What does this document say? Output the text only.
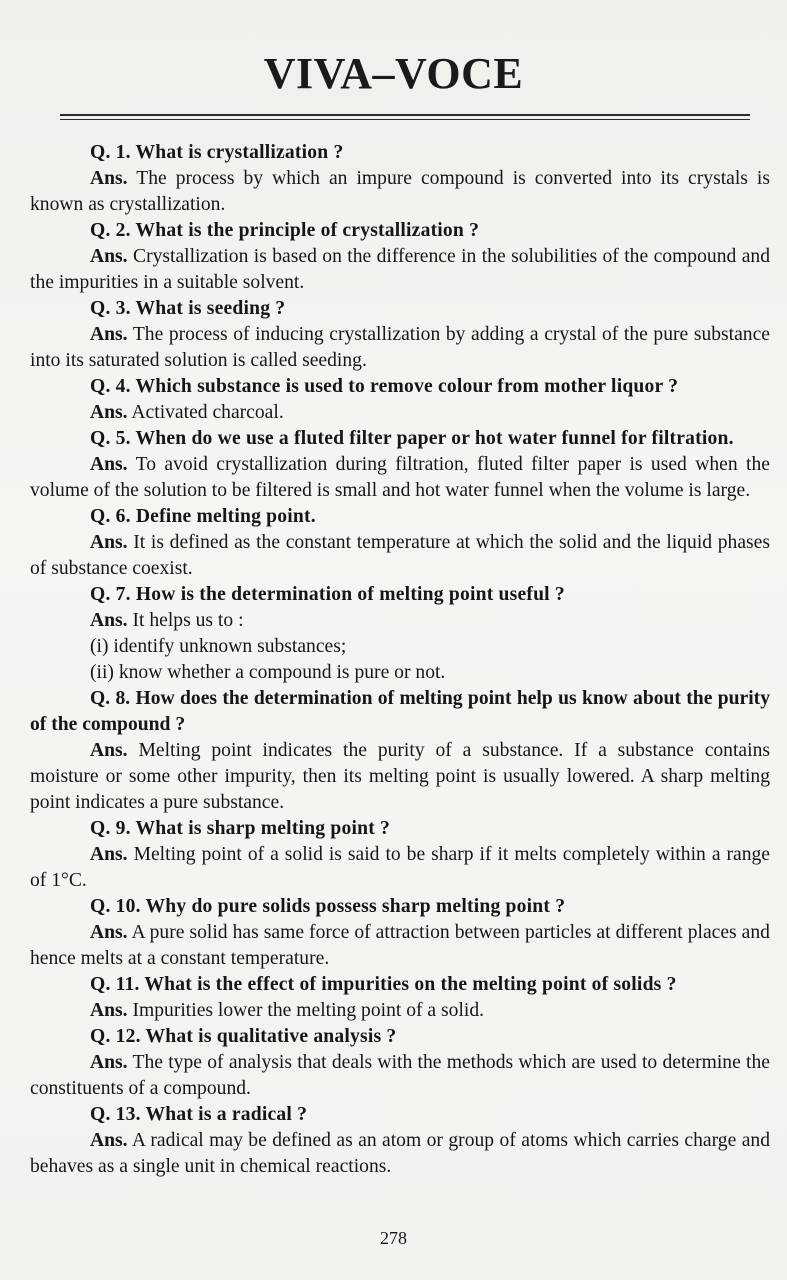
VIVA–VOCE
Q. 1. What is crystallization ?
Ans. The process by which an impure compound is converted into its crystals is known as crystallization.
Q. 2. What is the principle of crystallization ?
Ans. Crystallization is based on the difference in the solubilities of the compound and the impurities in a suitable solvent.
Q. 3. What is seeding ?
Ans. The process of inducing crystallization by adding a crystal of the pure substance into its saturated solution is called seeding.
Q. 4. Which substance is used to remove colour from mother liquor ?
Ans. Activated charcoal.
Q. 5. When do we use a fluted filter paper or hot water funnel for filtration.
Ans. To avoid crystallization during filtration, fluted filter paper is used when the volume of the solution to be filtered is small and hot water funnel when the volume is large.
Q. 6. Define melting point.
Ans. It is defined as the constant temperature at which the solid and the liquid phases of substance coexist.
Q. 7. How is the determination of melting point useful ?
Ans. It helps us to :
(i) identify unknown substances;
(ii) know whether a compound is pure or not.
Q. 8. How does the determination of melting point help us know about the purity of the compound ?
Ans. Melting point indicates the purity of a substance. If a substance contains moisture or some other impurity, then its melting point is usually lowered. A sharp melting point indicates a pure substance.
Q. 9. What is sharp melting point ?
Ans. Melting point of a solid is said to be sharp if it melts completely within a range of 1°C.
Q. 10. Why do pure solids possess sharp melting point ?
Ans. A pure solid has same force of attraction between particles at different places and hence melts at a constant temperature.
Q. 11. What is the effect of impurities on the melting point of solids ?
Ans. Impurities lower the melting point of a solid.
Q. 12. What is qualitative analysis ?
Ans. The type of analysis that deals with the methods which are used to determine the constituents of a compound.
Q. 13. What is a radical ?
Ans. A radical may be defined as an atom or group of atoms which carries charge and behaves as a single unit in chemical reactions.
278
